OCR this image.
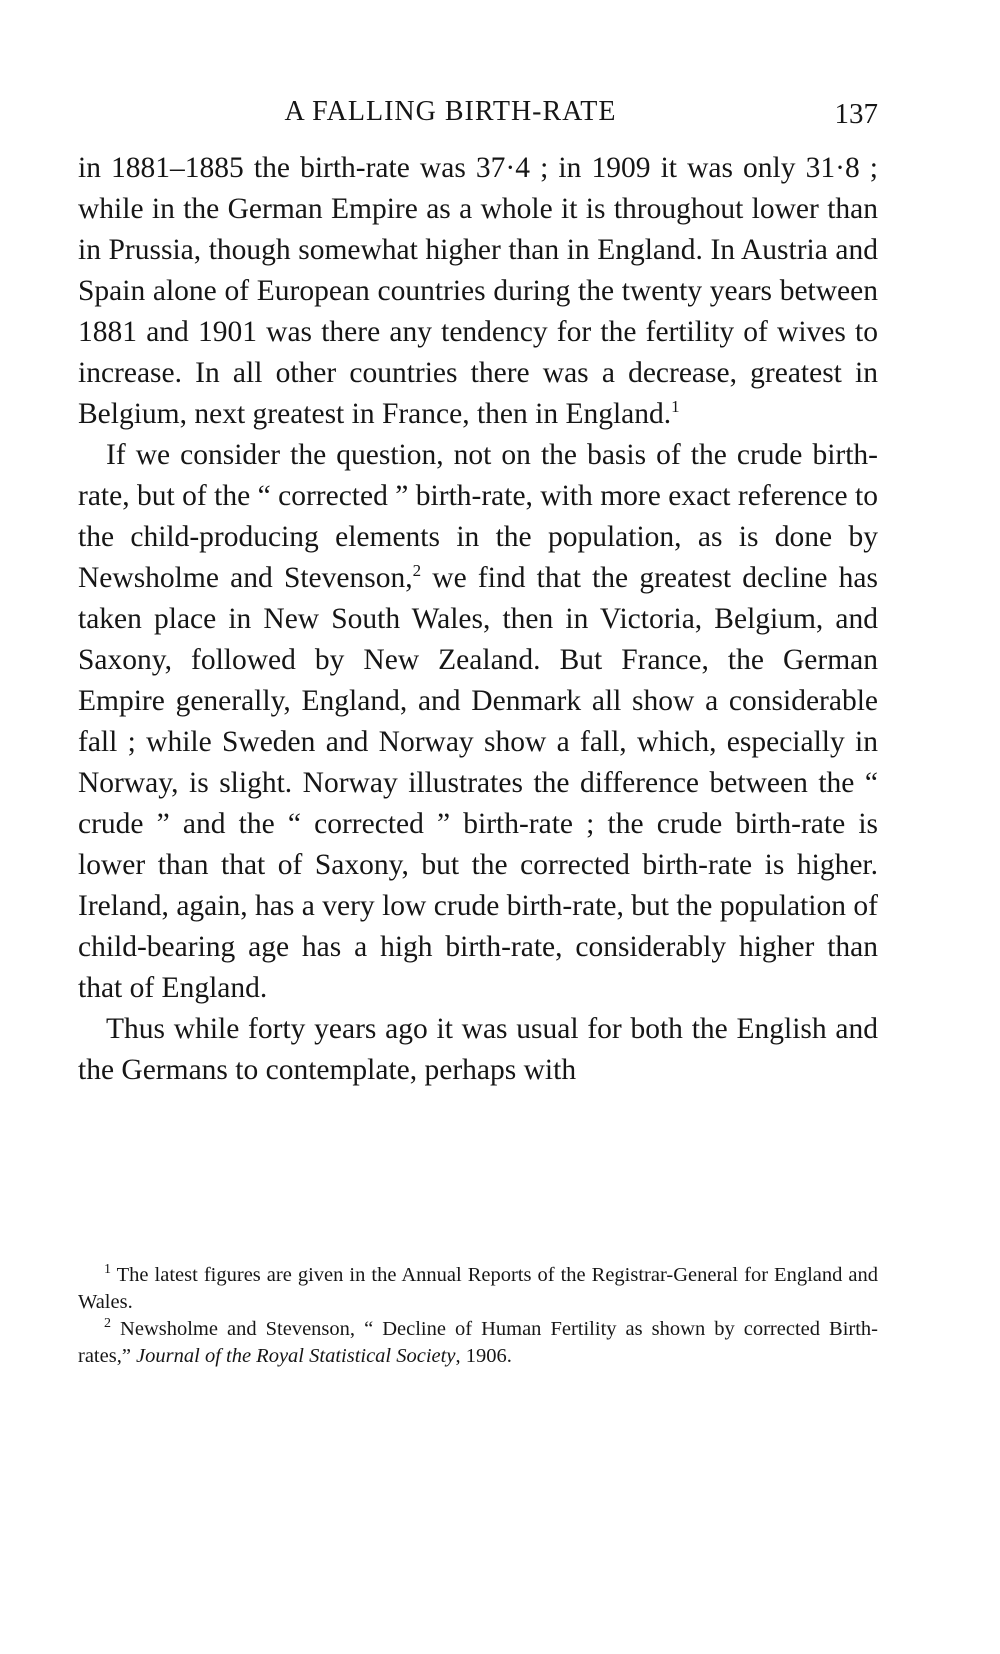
A FALLING BIRTH-RATE	137

in 1881–1885 the birth-rate was 37·4 ; in 1909 it was only 31·8 ; while in the German Empire as a whole it is throughout lower than in Prussia, though somewhat higher than in England. In Austria and Spain alone of European countries during the twenty years between 1881 and 1901 was there any tendency for the fertility of wives to increase. In all other countries there was a decrease, greatest in Belgium, next greatest in France, then in England.$^1$

If we consider the question, not on the basis of the crude birth-rate, but of the “ corrected ” birth-rate, with more exact reference to the child-producing elements in the population, as is done by Newsholme and Stevenson,$^2$ we find that the greatest decline has taken place in New South Wales, then in Victoria, Belgium, and Saxony, followed by New Zealand. But France, the German Empire generally, England, and Denmark all show a considerable fall ; while Sweden and Norway show a fall, which, especially in Norway, is slight. Norway illustrates the difference between the “ crude ” and the “ corrected ” birth-rate ; the crude birth-rate is lower than that of Saxony, but the corrected birth-rate is higher. Ireland, again, has a very low crude birth-rate, but the population of child-bearing age has a high birth-rate, considerably higher than that of England.

Thus while forty years ago it was usual for both the English and the Germans to contemplate, perhaps with

$^1$ The latest figures are given in the Annual Reports of the Registrar-General for England and Wales.

$^2$ Newsholme and Stevenson, “ Decline of Human Fertility as shown by corrected Birth-rates,” Journal of the Royal Statistical Society, 1906.
